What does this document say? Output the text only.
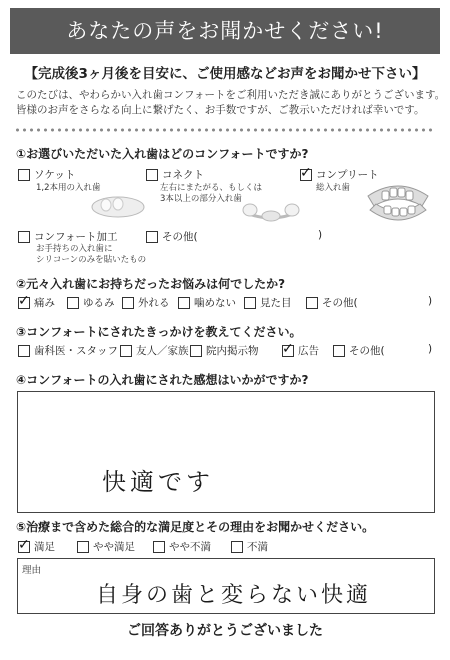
あなたの声をお聞かせください!
【完成後3ヶ月後を目安に、ご使用感などお声をお聞かせ下さい】
このたびは、やわらかい入れ歯コンフォートをご利用いただき誠にありがとうございます。
皆様のお声をさらなる向上に繋げたく、お手数ですが、ご教示いただければ幸いです。
①お選びいただいた入れ歯はどのコンフォートですか?
ソケット
1,2本用の入れ歯
コネクト
左右にまたがる、もしくは
3本以上の部分入れ歯
✓
コンプリート
総入れ歯
コンフォート加工
お手持ちの入れ歯に
シリコーンのみを貼いたもの
その他(	)
②元々入れ歯にお持ちだったお悩みは何でしたか?
✓
痛み	ゆるみ 外れる 噛めない 見た目	その他(	)
③コンフォートにされたきっかけを教えてください。
歯科医・スタッフ 友人／家族 院内掲示物
✓	広告	その他(	)
④コンフォートの入れ歯にされた感想はいかがですか?
快適です
⑤治療まで含めた総合的な満足度とその理由をお聞かせください。
✓
満足	やや満足	やや不満	不満
理由
自身の歯と変らない快適
ご回答ありがとうございました
